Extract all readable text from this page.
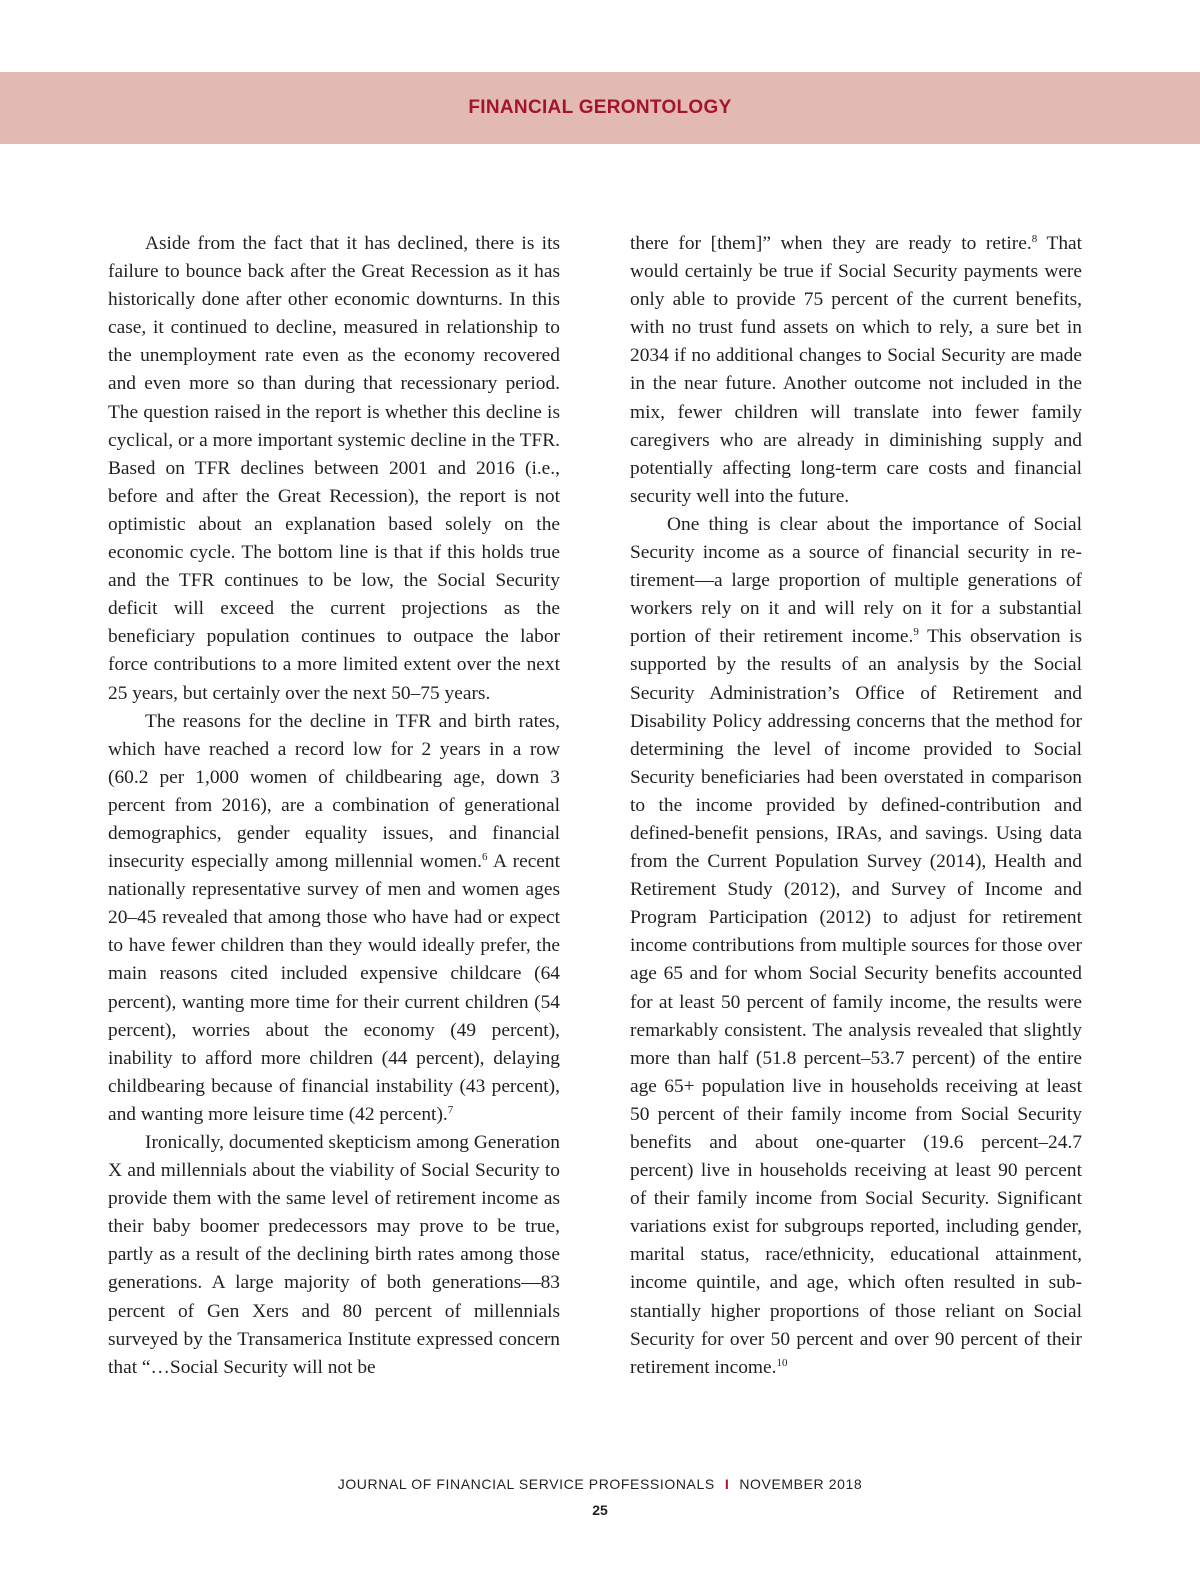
FINANCIAL GERONTOLOGY

Aside from the fact that it has declined, there is its failure to bounce back after the Great Recession as it has historically done after other economic downturns. In this case, it continued to decline, measured in relationship to the unemployment rate even as the economy recovered and even more so than during that recessionary period. The question raised in the report is whether this decline is cyclical, or a more important systemic decline in the TFR. Based on TFR declines between 2001 and 2016 (i.e., before and after the Great Recession), the report is not optimistic about an explanation based solely on the economic cycle. The bottom line is that if this holds true and the TFR continues to be low, the Social Security deficit will exceed the current projections as the beneficiary population continues to outpace the labor force contributions to a more limited extent over the next 25 years, but certainly over the next 50–75 years.

The reasons for the decline in TFR and birth rates, which have reached a record low for 2 years in a row (60.2 per 1,000 women of childbearing age, down 3 percent from 2016), are a combination of generational demographics, gender equality issues, and financial insecurity especially among millennial women.$^6$ A recent nationally representative survey of men and women ages 20–45 revealed that among those who have had or expect to have fewer children than they would ideally prefer, the main reasons cited included expensive childcare (64 percent), wanting more time for their current children (54 percent), worries about the economy (49 percent), inability to afford more children (44 percent), delaying childbearing because of financial instability (43 percent), and wanting more leisure time (42 percent).$^7$

Ironically, documented skepticism among Generation X and millennials about the viability of Social Security to provide them with the same level of retirement income as their baby boomer predecessors may prove to be true, partly as a result of the declining birth rates among those generations. A large majority of both generations—83 percent of Gen Xers and 80 percent of millennials surveyed by the Transamerica Institute expressed concern that “…Social Security will not be

there for [them]” when they are ready to retire.$^8$ That would certainly be true if Social Security payments were only able to provide 75 percent of the current benefits, with no trust fund assets on which to rely, a sure bet in 2034 if no additional changes to Social Security are made in the near future. Another outcome not included in the mix, fewer children will translate into fewer family caregivers who are already in diminishing supply and potentially affecting long-term care costs and financial security well into the future.

One thing is clear about the importance of Social Security income as a source of financial security in retirement—a large proportion of multiple generations of workers rely on it and will rely on it for a substantial portion of their retirement income.$^9$ This observation is supported by the results of an analysis by the Social Security Administration’s Office of Retirement and Disability Policy addressing concerns that the method for determining the level of income provided to Social Security beneficiaries had been overstated in comparison to the income provided by defined-contribution and defined-benefit pensions, IRAs, and savings. Using data from the Current Population Survey (2014), Health and Retirement Study (2012), and Survey of Income and Program Participation (2012) to adjust for retirement income contributions from multiple sources for those over age 65 and for whom Social Security benefits accounted for at least 50 percent of family income, the results were remarkably consistent. The analysis revealed that slightly more than half (51.8 percent–53.7 percent) of the entire age 65+ population live in households receiving at least 50 percent of their family income from Social Security benefits and about one-quarter (19.6 percent–24.7 percent) live in households receiving at least 90 percent of their family income from Social Security. Significant variations exist for subgroups reported, including gender, marital status, race/ethnicity, educational attainment, income quintile, and age, which often resulted in substantially higher proportions of those reliant on Social Security for over 50 percent and over 90 percent of their retirement income.$^{10}$

JOURNAL OF FINANCIAL SERVICE PROFESSIONALS I NOVEMBER 2018
25
